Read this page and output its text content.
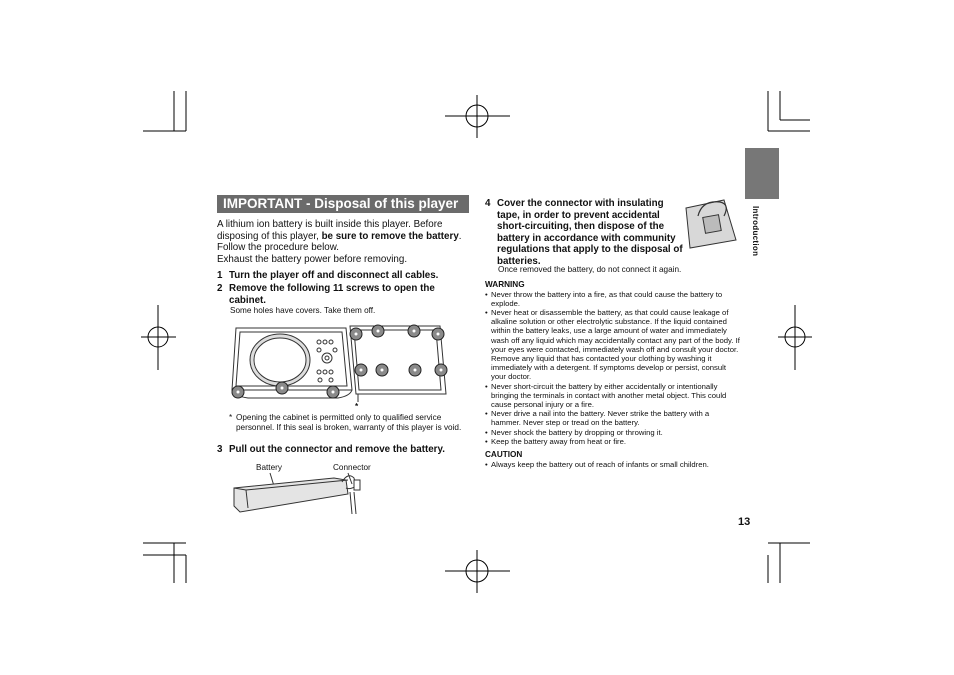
Introduction
IMPORTANT - Disposal of this player
A lithium ion battery is built inside this player. Before disposing of this player, be sure to remove the battery. Follow the procedure below.
Exhaust the battery power before removing.
1 Turn the player off and disconnect all cables.
2 Remove the following 11 screws to open the cabinet.
Some holes have covers. Take them off.
*
* Opening the cabinet is permitted only to qualified service personnel. If this seal is broken, warranty of this player is void.
3 Pull out the connector and remove the battery.
Battery	Connector
4 Cover the connector with insulating tape, in order to prevent accidental short-circuiting, then dispose of the battery in accordance with community regulations that apply to the disposal of batteries.
Once removed the battery, do not connect it again.
WARNING
• Never throw the battery into a fire, as that could cause the battery to explode.
• Never heat or disassemble the battery, as that could cause leakage of alkaline solution or other electrolytic substance. If the liquid contained within the battery leaks, use a large amount of water and immediately wash off any liquid which may accidentally contact any part of the body. If your eyes were contacted, immediately wash off and consult your doctor. Remove any liquid that has contacted your clothing by washing it immediately with a detergent. If symptoms develop or persist, consult your doctor.
• Never short-circuit the battery by either accidentally or intentionally bringing the terminals in contact with another metal object. This could cause personal injury or a fire.
• Never drive a nail into the battery. Never strike the battery with a hammer. Never step or tread on the battery.
• Never shock the battery by dropping or throwing it.
• Keep the battery away from heat or fire.
CAUTION
• Always keep the battery out of reach of infants or small children.
13
